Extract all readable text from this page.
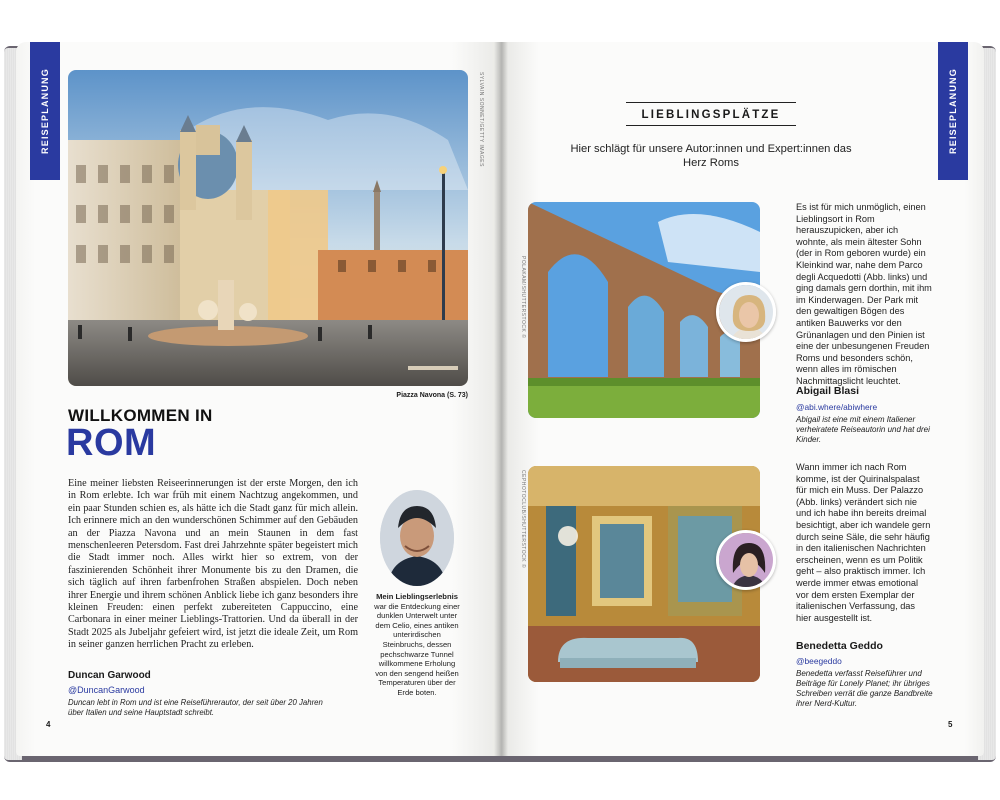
REISEPLANUNG	SYLVAIN SONNET/GETTY IMAGES
Piazza Navona (S. 73)
WILLKOMMEN IN
ROM

Eine meiner liebsten Reiseerinnerungen ist der erste Morgen, den ich in Rom erlebte. Ich war früh mit einem Nachtzug angekommen, und ein paar Stunden schien es, als hätte ich die Stadt ganz für mich allein. Ich erinnere mich an den wunderschönen Schimmer auf den Gebäuden an der Piazza Navona und an mein Staunen in dem fast menschenleeren Petersdom. Fast drei Jahrzehnte später begeistert mich die Stadt immer noch. Alles wirkt hier so extrem, von der faszinierenden Schönheit ihrer Monumente bis zu den Dramen, die sich täglich auf ihren farbenfrohen Straßen abspielen. Doch neben ihrer Energie und ihrem schönen Anblick liebe ich ganz besonders ihre kleinen Freuden: einen perfekt zubereiteten Cappuccino, eine Carbonara in einer meiner Lieblings-Trattorien. Und da überall in der Stadt 2025 als Jubeljahr gefeiert wird, ist jetzt die ideale Zeit, um Rom in seiner ganzen herrlichen Pracht zu erleben.

Duncan Garwood
@DuncanGarwood
Duncan lebt in Rom und ist eine Reiseführerautor, der seit über 20 Jahren über Italien und seine Hauptstadt schreibt.
Mein Lieblingserlebnis war die Entdeckung einer dunklen Unterwelt unter dem Celio, eines antiken unterirdischen Steinbruchs, dessen pechschwarze Tunnel willkommene Erholung von den sengend heißen Temperaturen über der Erde boten.
4
REISEPLANUNG
LIEBLINGSPLÄTZE
Hier schlägt für unsere Autor:innen und Expert:innen das Herz Roms
POLAKAM/SHUTTERSTOCK ©
Es ist für mich unmöglich, einen Lieblingsort in Rom herauszupicken, aber ich wohnte, als mein ältester Sohn (der in Rom geboren wurde) ein Kleinkind war, nahe dem Parco degli Acquedotti (Abb. links) und ging damals gern dorthin, mit ihm im Kinderwagen. Der Park mit den gewaltigen Bögen des antiken Bauwerks vor den Grünanlagen und den Pinien ist eine der unbesungenen Freuden Roms und besonders schön, wenn alles im römischen Nachmittagslicht leuchtet.
Abigail Blasi
@abi.where/abiwhere
Abigail ist eine mit einem Italiener verheiratete Reiseautorin und hat drei Kinder.
CEPHOTOCLUB/SHUTTERSTOCK ©
Wann immer ich nach Rom komme, ist der Quirinalspalast für mich ein Muss. Der Palazzo (Abb. links) verändert sich nie und ich habe ihn bereits dreimal besichtigt, aber ich wandele gern durch seine Säle, die sehr häufig in den italienischen Nachrichten erscheinen, wenn es um Politik geht – also praktisch immer. Ich werde immer etwas emotional vor dem ersten Exemplar der italienischen Verfassung, das hier ausgestellt ist.
Benedetta Geddo
@beegeddo
Benedetta verfasst Reiseführer und Beiträge für Lonely Planet; ihr übriges Schreiben verrät die ganze Bandbreite ihrer Nerd-Kultur.
5
